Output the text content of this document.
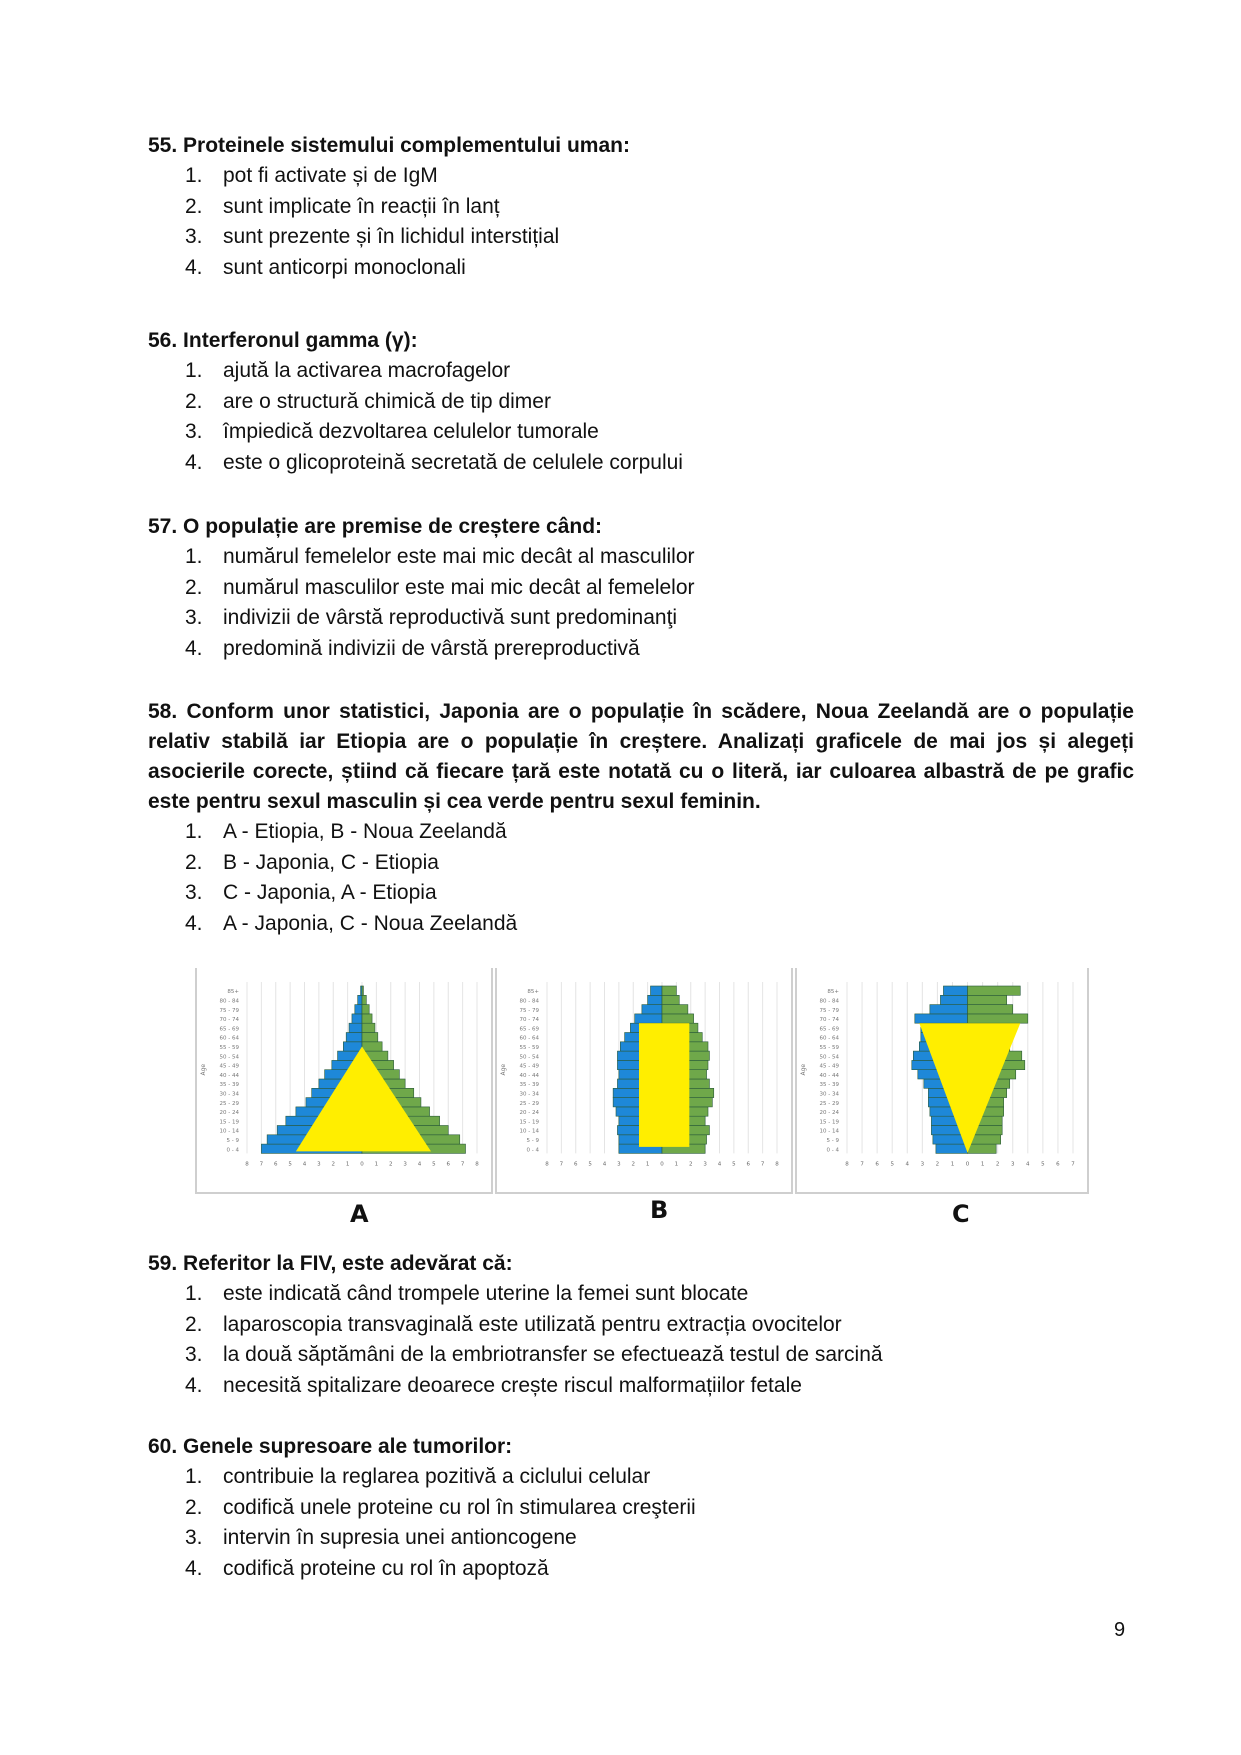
55. Proteinele sistemului complementului uman:

1. pot fi activate și de IgM
2. sunt implicate în reacții în lanț
3. sunt prezente și în lichidul interstițial
4. sunt anticorpi monoclonali

56. Interferonul gamma (γ):

1. ajută la activarea macrofagelor
2. are o structură chimică de tip dimer
3. împiedică dezvoltarea celulelor tumorale
4. este o glicoproteină secretată de celulele corpului

57. O populație are premise de creștere când:

1. numărul femelelor este mai mic decât al masculilor
2. numărul masculilor este mai mic decât al femelelor
3. indivizii de vârstă reproductivă sunt predominanţi
4. predomină indivizii de vârstă prereproductivă

58. Conform unor statistici, Japonia are o populație în scădere, Noua Zeelandă are o populație relativ stabilă iar Etiopia are o populație în creștere. Analizați graficele de mai jos și alegeți asocierile corecte, știind că fiecare țară este notată cu o literă, iar culoarea albastră de pe grafic este pentru sexul masculin și cea verde pentru sexul feminin.

1. A - Etiopia, B - Noua Zeelandă
2. B - Japonia, C - Etiopia
3. C - Japonia, A - Etiopia
4. A - Japonia, C - Noua Zeelandă
0 - 4
5 - 9
10 - 14
15 - 19
20 - 24
25 - 29
30 - 34
35 - 39
40 - 44
45 - 49
50 - 54
55 - 59
60 - 64
65 - 69
70 - 74
75 - 79
80 - 84
85+
Age
8 7 6 5 4 3 2 1 0 1 2 3 4 5 6 7 8
0 - 4
5 - 9
10 - 14
15 - 19
20 - 24
25 - 29
30 - 34
35 - 39
40 - 44
45 - 49
50 - 54
55 - 59
60 - 64
65 - 69
70 - 74
75 - 79
80 - 84
85+
Age
8 7 6 5 4 3 2 1 0 1 2 3 4 5 6 7 8
0 - 4
5 - 9
10 - 14
15 - 19
20 - 24
25 - 29
30 - 34
35 - 39
40 - 44
45 - 49
50 - 54
55 - 59
60 - 64
65 - 69
70 - 74
75 - 79
80 - 84
85+
Age
8 7 6 5 4 3 2 1 0 1 2 3 4 5 6 7
A	B	C

59. Referitor la FIV, este adevărat că:

1. este indicată când trompele uterine la femei sunt blocate
2. laparoscopia transvaginală este utilizată pentru extracția ovocitelor
3. la două săptămâni de la embriotransfer se efectuează testul de sarcină
4. necesită spitalizare deoarece crește riscul malformațiilor fetale

60. Genele supresoare ale tumorilor:

1. contribuie la reglarea pozitivă a ciclului celular
2. codifică unele proteine cu rol în stimularea creşterii
3. intervin în supresia unei antioncogene
4. codifică proteine cu rol în apoptoză
9
